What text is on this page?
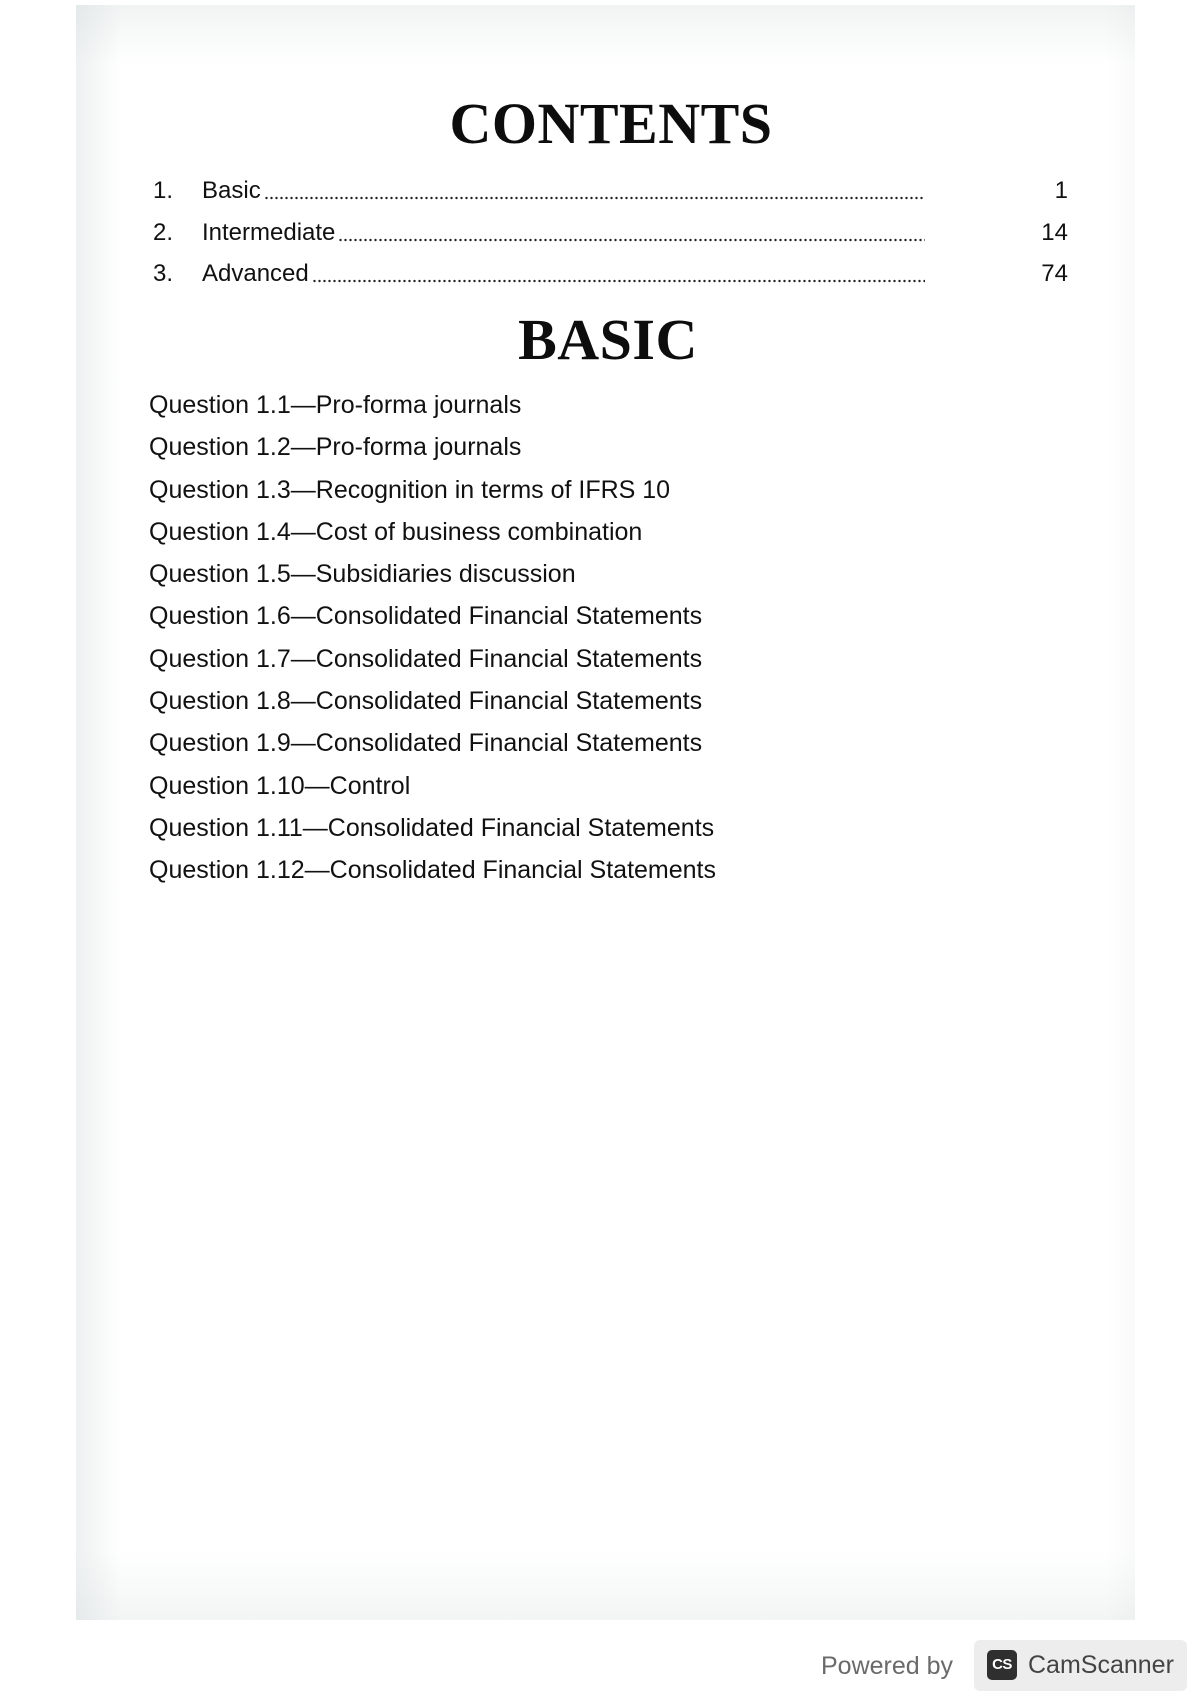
CONTENTS
1.	Basic	1
2.	Intermediate	14
3.	Advanced	74
BASIC
Question 1.1—Pro-forma journals
Question 1.2—Pro-forma journals
Question 1.3—Recognition in terms of IFRS 10
Question 1.4—Cost of business combination
Question 1.5—Subsidiaries discussion
Question 1.6—Consolidated Financial Statements
Question 1.7—Consolidated Financial Statements
Question 1.8—Consolidated Financial Statements
Question 1.9—Consolidated Financial Statements
Question 1.10—Control
Question 1.11—Consolidated Financial Statements
Question 1.12—Consolidated Financial Statements
Powered by	CS CamScanner
